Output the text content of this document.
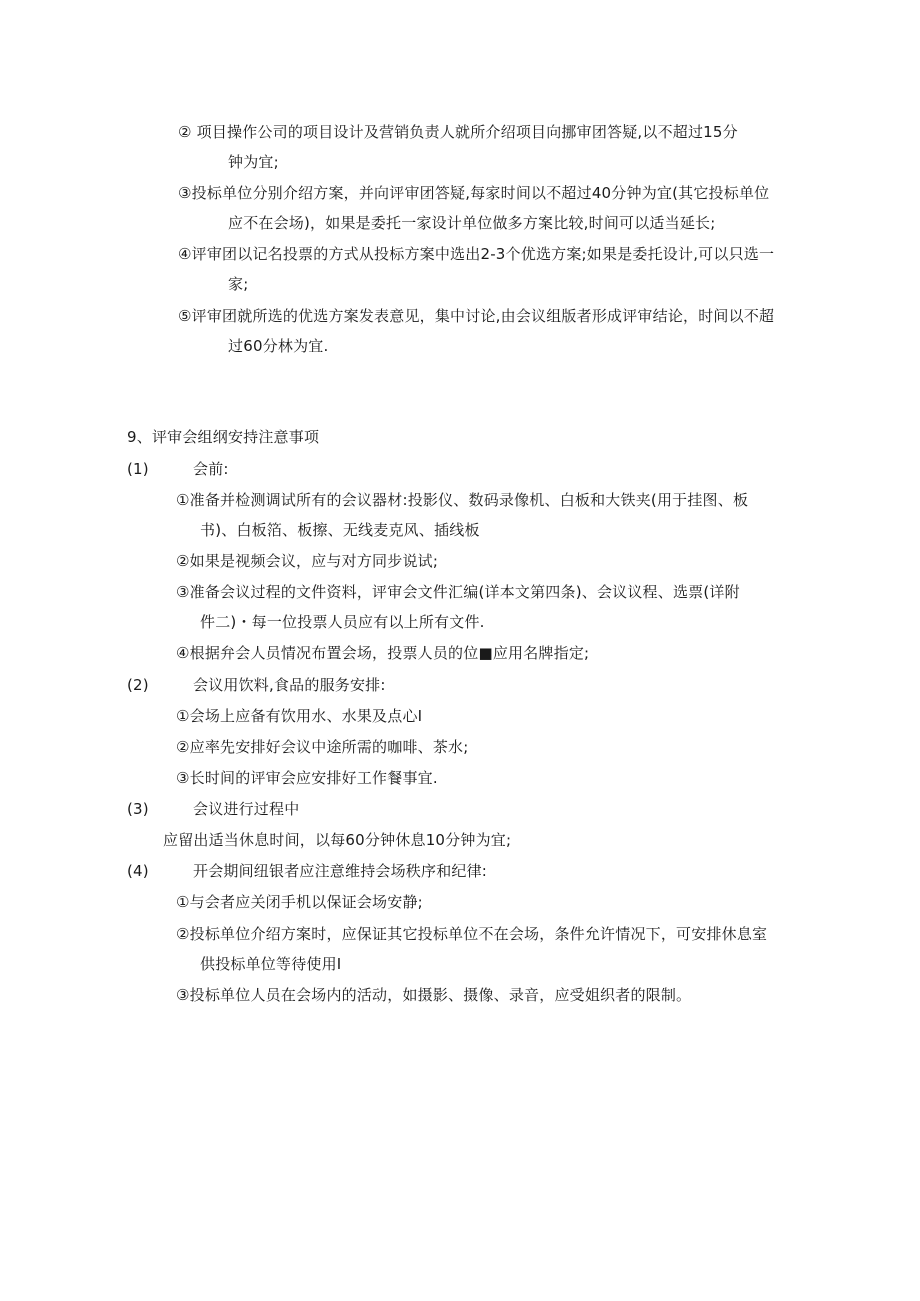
② 项目操作公司的项目设计及营销负责人就所介绍项目向挪审团答疑,以不超过15分

钟为宜;

③投标单位分别介绍方案，并向评审团答疑,每家时间以不超过40分钟为宜(其它投标单位

应不在会场)，如果是委托一家设计单位做多方案比较,时间可以适当延长;

④评审团以记名投票的方式从投标方案中选出2-3个优选方案;如果是委托设计,可以只选一

家;

⑤评审团就所选的优选方案发表意见，集中讨论,由会议组版者形成评审结论，时间以不超

过60分林为宜.

9、评审会组纲安持注意事项

(1)	会前:

①准备并检测调试所有的会议器材:投影仪、数码录像机、白板和大铁夹(用于挂图、板

书)、白板箔、板擦、无线麦克风、插线板

②如果是视频会议，应与对方同步说试;

③准备会议过程的文件资料，评审会文件汇编(详本文第四条)、会议议程、选票(详附

件二)・每一位投票人员应有以上所有文件.

④根据弁会人员情况布置会场，投票人员的位■应用名牌指定;

(2)	会议用饮料,食品的服务安排:

①会场上应备有饮用水、水果及点心I

②应率先安排好会议中途所需的咖啡、茶水;

③长时间的评审会应安排好工作餐事宜.

(3)	会议进行过程中

应留出适当休息时间，以每60分钟休息10分钟为宜;

(4)	开会期间纽银者应注意维持会场秩序和纪律:

①与会者应关闭手机以保证会场安静;

②投标单位介绍方案时，应保证其它投标单位不在会场，条件允许情况下，可安排休息室

供投标单位等待使用I

③投标单位人员在会场内的活动，如摄影、摄像、录音，应受姐织者的限制。
